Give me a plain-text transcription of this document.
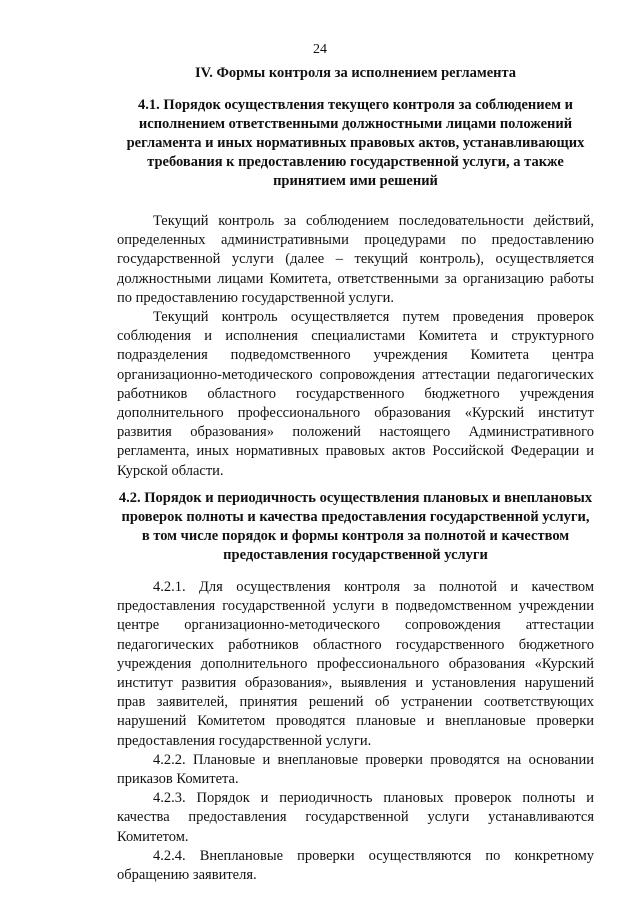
24

IV. Формы контроля за исполнением регламента

4.1. Порядок осуществления текущего контроля за соблюдением и исполнением ответственными должностными лицами положений регламента и иных нормативных правовых актов, устанавливающих требования к предоставлению государственной услуги, а также принятием ими решений

Текущий контроль за соблюдением последовательности действий, определенных административными процедурами по предоставлению государственной услуги (далее – текущий контроль), осуществляется должностными лицами Комитета, ответственными за организацию работы по предоставлению государственной услуги.

Текущий контроль осуществляется путем проведения проверок соблюдения и исполнения специалистами Комитета и структурного подразделения подведомственного учреждения Комитета центра организационно-методического сопровождения аттестации педагогических работников областного государственного бюджетного учреждения дополнительного профессионального образования «Курский институт развития образования» положений настоящего Административного регламента, иных нормативных правовых актов Российской Федерации и Курской области.

4.2. Порядок и периодичность осуществления плановых и внеплановых проверок полноты и качества предоставления государственной услуги, в том числе порядок и формы контроля за полнотой и качеством предоставления государственной услуги

4.2.1. Для осуществления контроля за полнотой и качеством предоставления государственной услуги в подведомственном учреждении центре организационно-методического сопровождения аттестации педагогических работников областного государственного бюджетного учреждения дополнительного профессионального образования «Курский институт развития образования», выявления и установления нарушений прав заявителей, принятия решений об устранении соответствующих нарушений Комитетом проводятся плановые и внеплановые проверки предоставления государственной услуги.

4.2.2. Плановые и внеплановые проверки проводятся на основании приказов Комитета.

4.2.3. Порядок и периодичность плановых проверок полноты и качества предоставления государственной услуги устанавливаются Комитетом.

4.2.4. Внеплановые проверки осуществляются по конкретному обращению заявителя.
